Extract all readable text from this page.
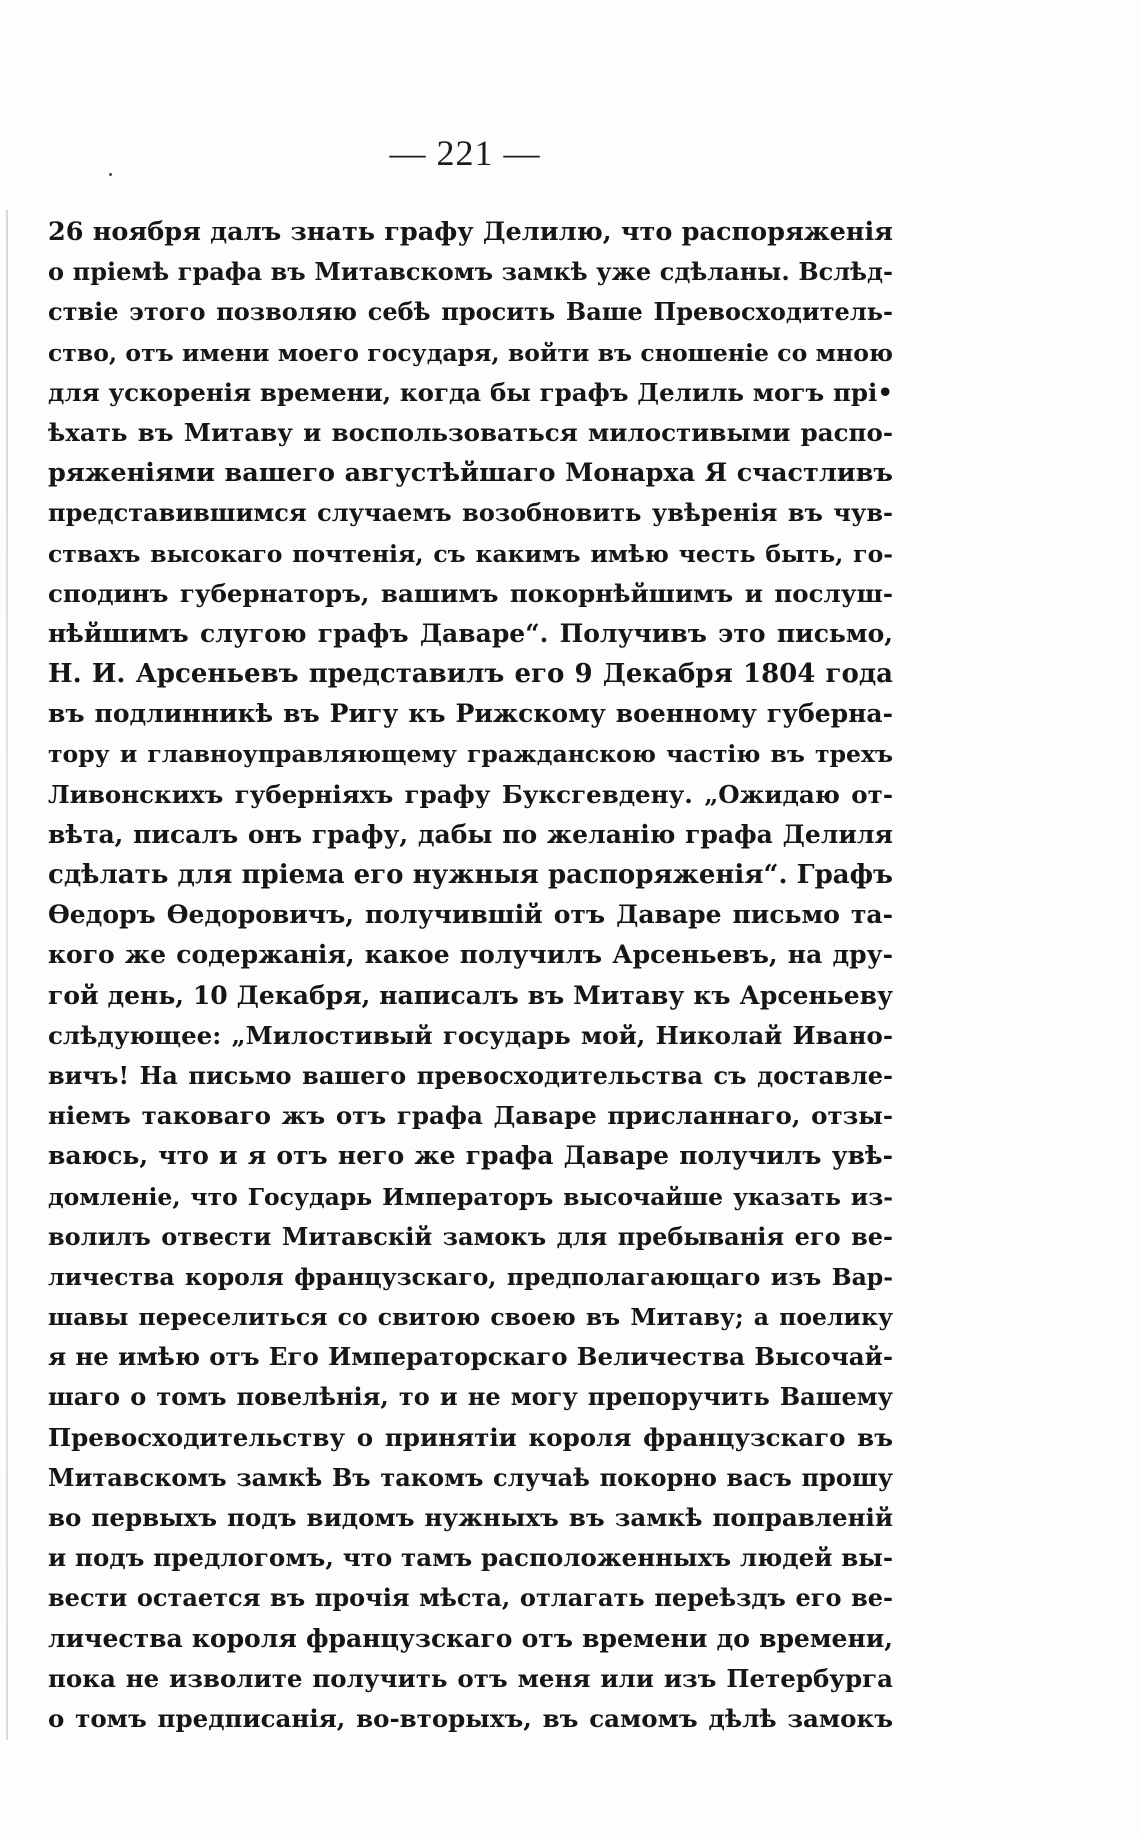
— 221 —
26 ноября далъ знать графу Делилю, что распоряженія
о пріемѣ графа въ Митавскомъ замкѣ уже сдѣланы. Вслѣд-
ствіе этого позволяю себѣ просить Ваше Превосходитель-
ство, отъ имени моего государя, войти въ сношеніе со мною
для ускоренія времени, когда бы графъ Делиль могъ прі•
ѣхать въ Митаву и воспользоваться милостивыми распо-
ряженіями вашего августѣйшаго Монарха Я счастливъ
представившимся случаемъ возобновить увѣренія въ чув-
ствахъ высокаго почтенія, съ какимъ имѣю честь быть, го-
сподинъ губернаторъ, вашимъ покорнѣйшимъ и послуш-
нѣйшимъ слугою графъ Даваре“. Получивъ это письмо,
Н. И. Арсеньевъ представилъ его 9 Декабря 1804 года
въ подлинникѣ въ Ригу къ Рижскому военному губерна-
тору и главноуправляющему гражданскою частію въ трехъ
Ливонскихъ губерніяхъ графу Буксгевдену. „Ожидаю от-
вѣта, писалъ онъ графу, дабы по желанію графа Делиля
сдѣлать для пріема его нужныя распоряженія“. Графъ
Ѳедоръ Ѳедоровичъ, получившій отъ Даваре письмо та-
кого же содержанія, какое получилъ Арсеньевъ, на дру-
гой день, 10 Декабря, написалъ въ Митаву къ Арсеньеву
слѣдующее: „Милостивый государь мой, Николай Ивано-
вичъ! На письмо вашего превосходительства съ доставле-
ніемъ таковаго жъ отъ графа Даваре присланнаго, отзы-
ваюсь, что и я отъ него же графа Даваре получилъ увѣ-
домленіе, что Государь Императоръ высочайше указать из-
волилъ отвести Митавскій замокъ для пребыванія его ве-
личества короля французскаго, предполагающаго изъ Вар-
шавы переселиться со свитою своею въ Митаву; а поелику
я не имѣю отъ Его Императорскаго Величества Высочай-
шаго о томъ повелѣнія, то и не могу препоручить Вашему
Превосходительству о принятіи короля французскаго въ
Митавскомъ замкѣ Въ такомъ случаѣ покорно васъ прошу
во первыхъ подъ видомъ нужныхъ въ замкѣ поправленій
и подъ предлогомъ, что тамъ расположенныхъ людей вы-
вести остается въ прочія мѣста, отлагать переѣздъ его ве-
личества короля французскаго отъ времени до времени,
пока не изволите получить отъ меня или изъ Петербурга
о томъ предписанія, во-вторыхъ, въ самомъ дѣлѣ замокъ
